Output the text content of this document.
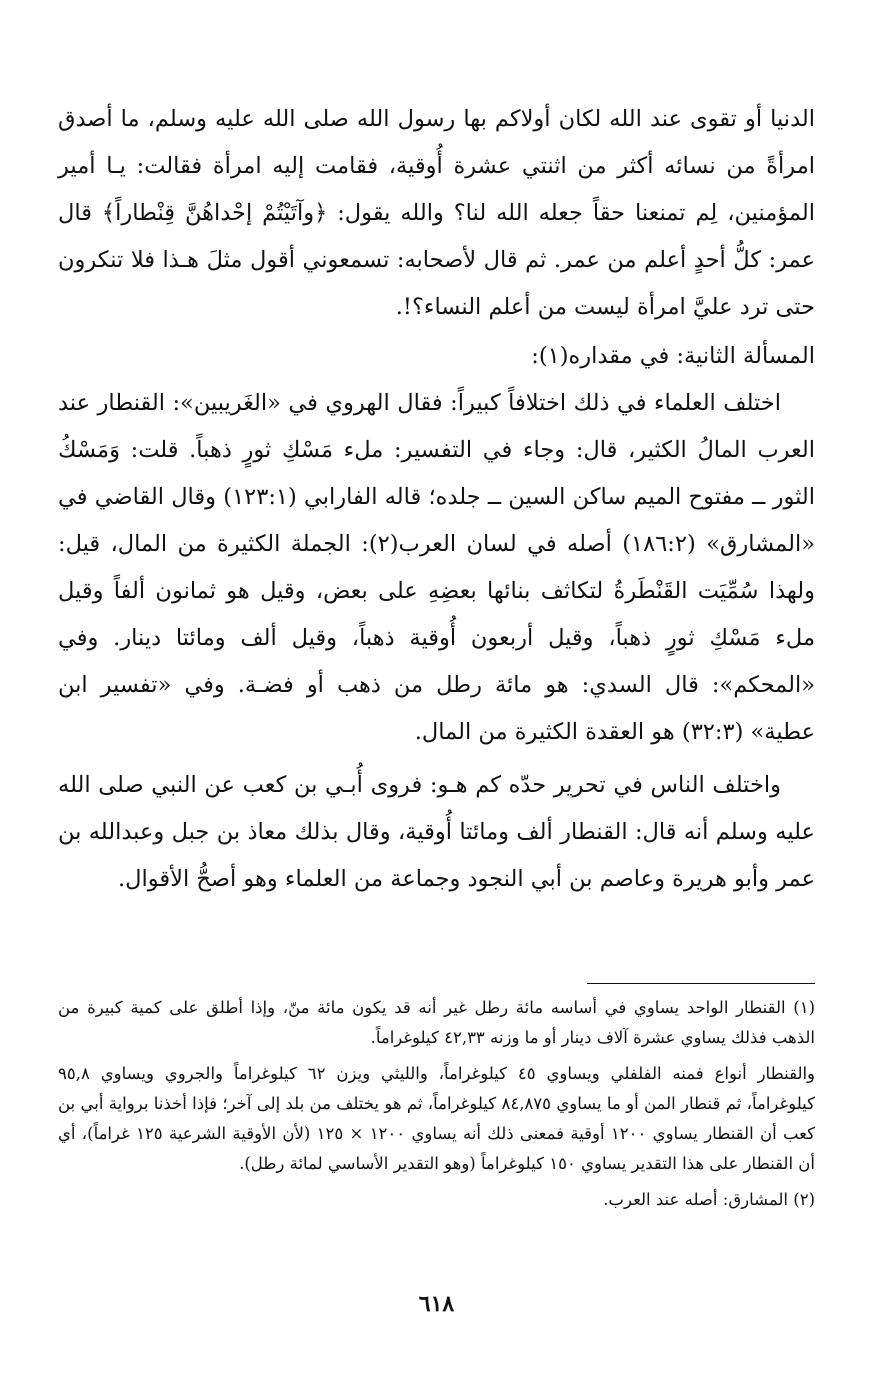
الدنيا أو تقوى عند الله لكان أولاكم بها رسول الله صلى الله عليه وسلم، ما أصدق امرأةً من نسائه أكثر من اثنتي عشرة أُوقية، فقامت إليه امرأة فقالت: يـا أمير المؤمنين، لِم تمنعنا حقاً جعله الله لنا؟ والله يقول: ﴿وآتَيْتُمْ إحْداهُنَّ قِنْطاراً﴾ قال عمر: كلُّ أحدٍ أعلم من عمر. ثم قال لأصحابه: تسمعوني أقول مثلَ هـذا فلا تنكرون حتى ترد عليَّ امرأة ليست من أعلم النساء؟!.

المسألة الثانية: في مقداره(١):

اختلف العلماء في ذلك اختلافاً كبيراً: فقال الهروي في «الغَريبين»: القنطار عند العرب المالُ الكثير، قال: وجاء في التفسير: ملء مَسْكِ ثورٍ ذهباً. قلت: وَمَسْكُ الثور ــ مفتوح الميم ساكن السين ــ جلده؛ قاله الفارابي (١٢٣:١) وقال القاضي في «المشارق» (١٨٦:٢) أصله في لسان العرب(٢): الجملة الكثيرة من المال، قيل: ولهذا سُمِّيَت القَنْطَرةُ لتكاثف بنائها بعضِهِ على بعض، وقيل هو ثمانون ألفاً وقيل ملء مَسْكِ ثورٍ ذهباً، وقيل أربعون أُوقية ذهباً، وقيل ألف ومائتا دينار. وفي «المحكم»: قال السدي: هو مائة رطل من ذهب أو فضـة. وفي «تفسير ابن عطية» (٣٢:٣) هو العقدة الكثيرة من المال.

واختلف الناس في تحرير حدّه كم هـو: فروى أُبـي بن كعب عن النبي صلى الله عليه وسلم أنه قال: القنطار ألف ومائتا أُوقية، وقال بذلك معاذ بن جبل وعبدالله بن عمر وأبو هريرة وعاصم بن أبي النجود وجماعة من العلماء وهو أصحُّ الأقوال.

(١) القنطار الواحد يساوي في أساسه مائة رطل غير أنه قد يكون مائة منّ، وإذا أطلق على كمية كبيرة من الذهب فذلك يساوي عشرة آلاف دينار أو ما وزنه ٤٢,٣٣ كيلوغراماً.

والقنطار أنواع فمنه الفلفلي ويساوي ٤٥ كيلوغراماً، والليثي ويزن ٦٢ كيلوغراماً والجروي ويساوي ٩٥,٨ كيلوغراماً، ثم قنطار المن أو ما يساوي ٨٤,٨٧٥ كيلوغراماً، ثم هو يختلف من بلد إلى آخر؛ فإذا أخذنا برواية أبي بن كعب أن القنطار يساوي ١٢٠٠ أوقية فمعنى ذلك أنه يساوي ١٢٠٠ × ١٢٥ (لأن الأوقية الشرعية ١٢٥ غراماً)، أي أن القنطار على هذا التقدير يساوي ١٥٠ كيلوغراماً (وهو التقدير الأساسي لمائة رطل).

(٢) المشارق: أصله عند العرب.

٦١٨
